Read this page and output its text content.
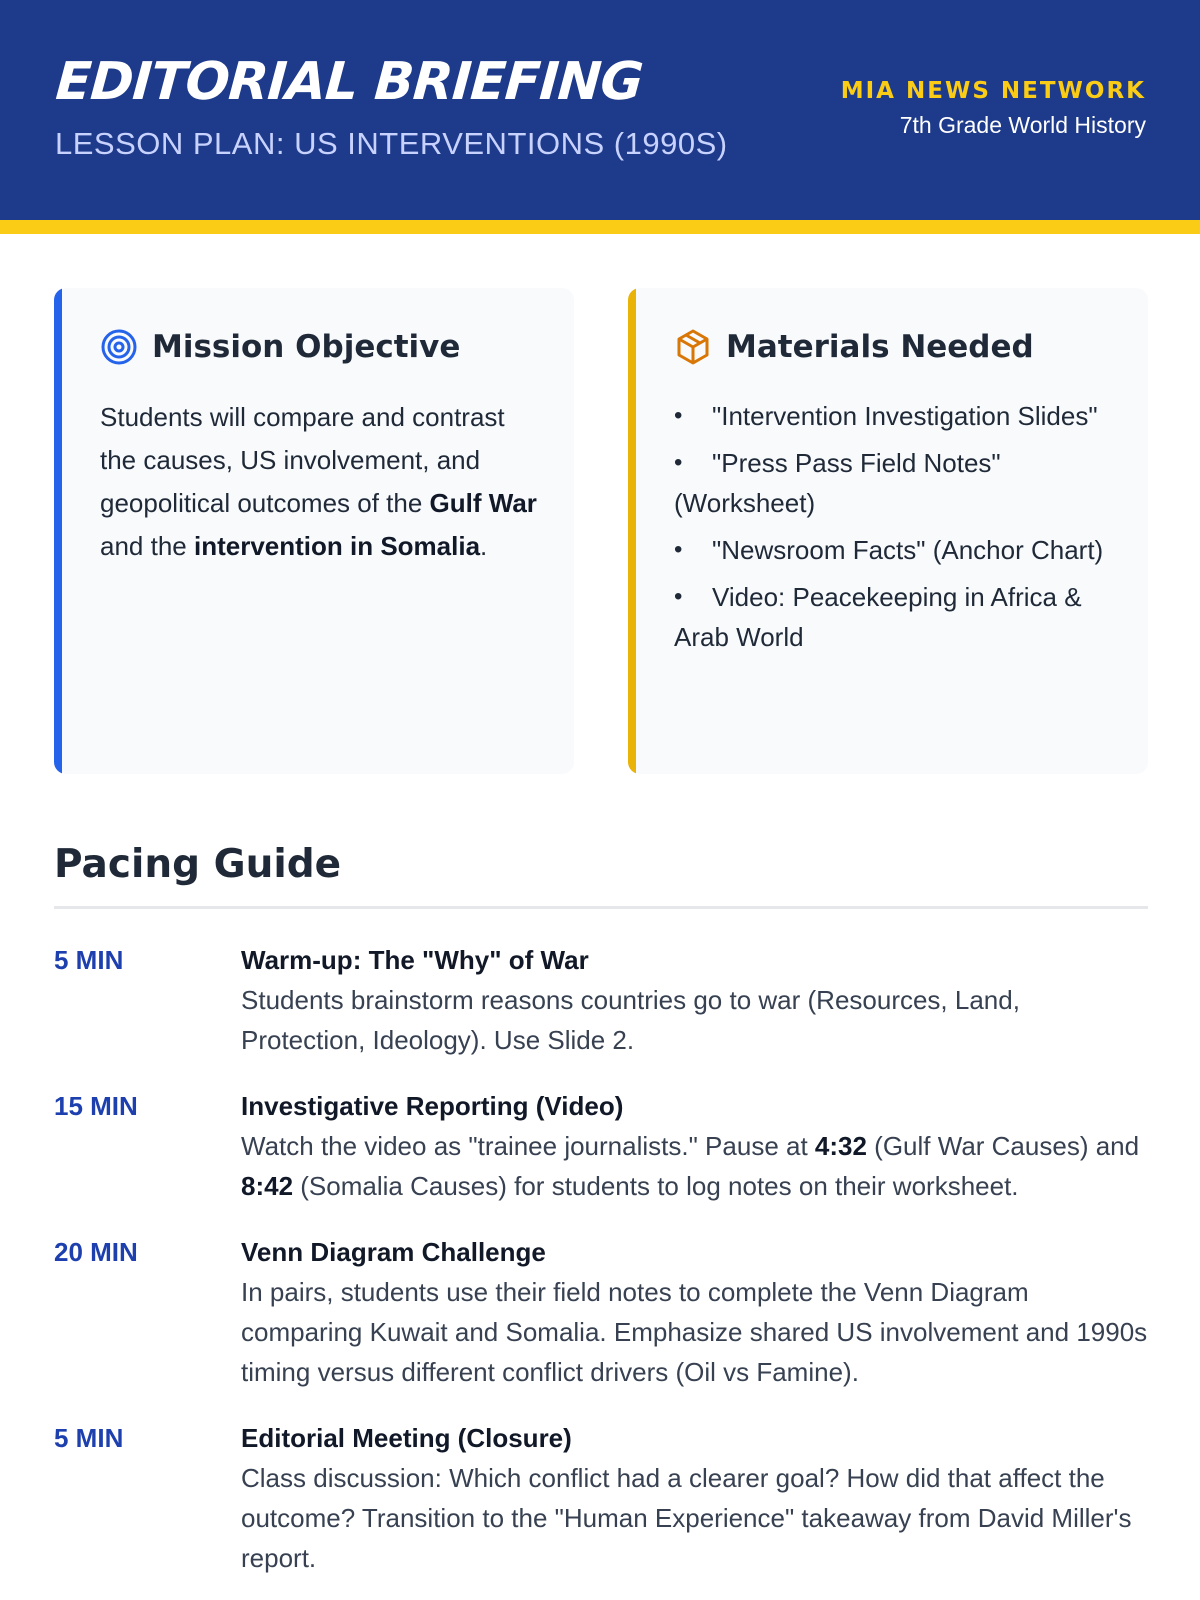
EDITORIAL BRIEFING
LESSON PLAN: US INTERVENTIONS (1990S)
MIA NEWS NETWORK
7th Grade World History
Mission Objective

Students will compare and contrast the causes, US involvement, and geopolitical outcomes of the Gulf War and the intervention in Somalia.

Materials Needed
• "Intervention Investigation Slides"
• "Press Pass Field Notes" (Worksheet)
• "Newsroom Facts" (Anchor Chart)
• Video: Peacekeeping in Africa & Arab World
Pacing Guide
5 MIN	Warm-up: The "Why" of War
Students brainstorm reasons countries go to war (Resources, Land, Protection, Ideology). Use Slide 2.
15 MIN	Investigative Reporting (Video)
Watch the video as "trainee journalists." Pause at 4:32 (Gulf War Causes) and 8:42 (Somalia Causes) for students to log notes on their worksheet.
20 MIN	Venn Diagram Challenge
In pairs, students use their field notes to complete the Venn Diagram comparing Kuwait and Somalia. Emphasize shared US involvement and 1990s timing versus different conflict drivers (Oil vs Famine).
5 MIN	Editorial Meeting (Closure)
Class discussion: Which conflict had a clearer goal? How did that affect the outcome? Transition to the "Human Experience" takeaway from David Miller's report.
